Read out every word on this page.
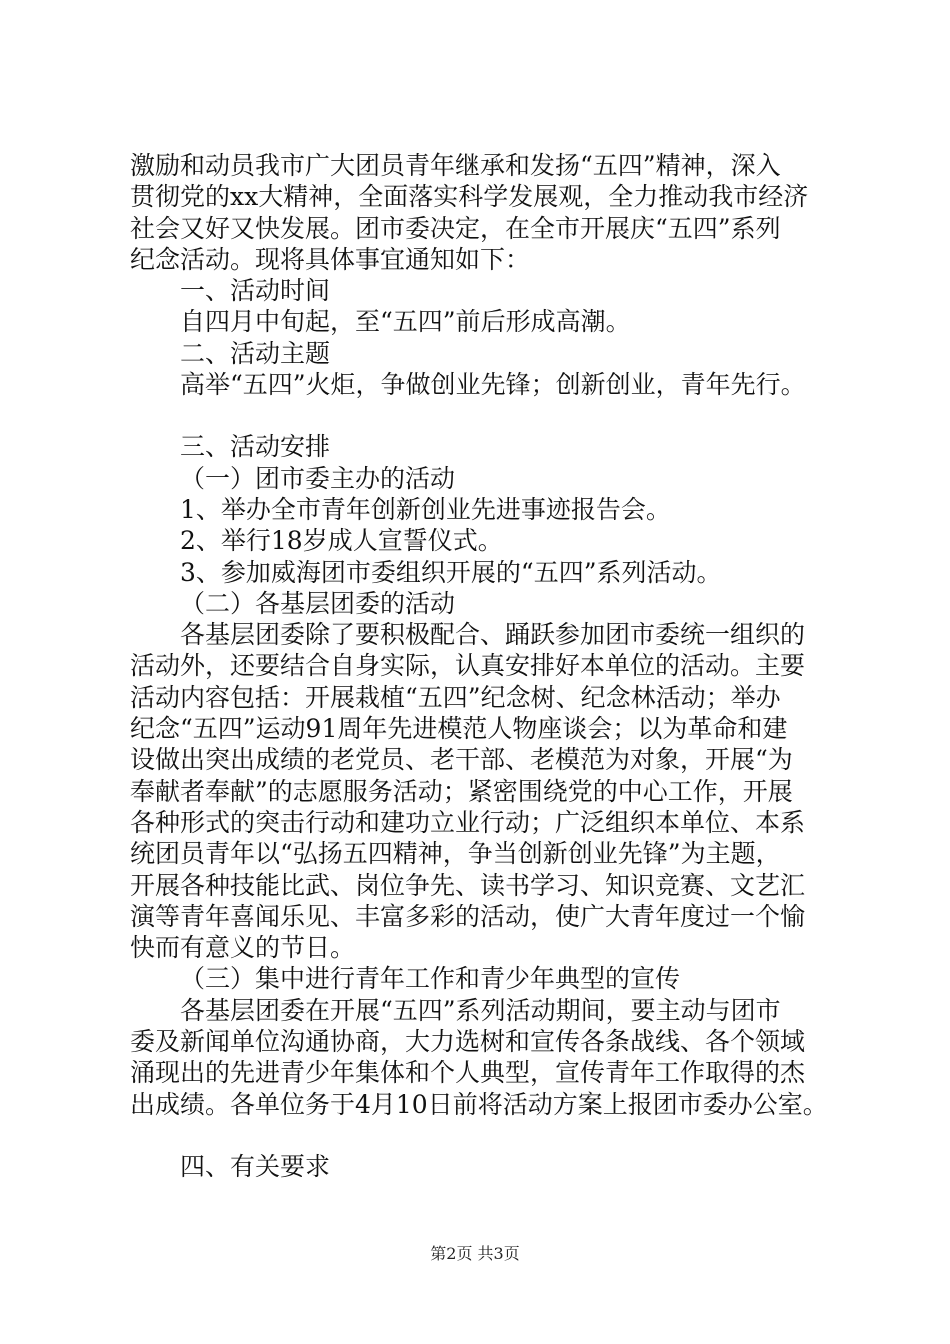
激励和动员我市广大团员青年继承和发扬“五四”精神，深入
贯彻党的xx大精神，全面落实科学发展观，全力推动我市经济
社会又好又快发展。团市委决定，在全市开展庆“五四”系列
纪念活动。现将具体事宜通知如下：
一、活动时间
自四月中旬起，至“五四”前后形成高潮。
二、活动主题
高举“五四”火炬，争做创业先锋；创新创业，青年先行。
三、活动安排
（一）团市委主办的活动
1、举办全市青年创新创业先进事迹报告会。
2、举行18岁成人宣誓仪式。
3、参加威海团市委组织开展的“五四”系列活动。
（二）各基层团委的活动
各基层团委除了要积极配合、踊跃参加团市委统一组织的
活动外，还要结合自身实际，认真安排好本单位的活动。主要
活动内容包括：开展栽植“五四”纪念树、纪念林活动；举办
纪念“五四”运动91周年先进模范人物座谈会；以为革命和建
设做出突出成绩的老党员、老干部、老模范为对象，开展“为
奉献者奉献”的志愿服务活动；紧密围绕党的中心工作，开展
各种形式的突击行动和建功立业行动；广泛组织本单位、本系
统团员青年以“弘扬五四精神，争当创新创业先锋”为主题，
开展各种技能比武、岗位争先、读书学习、知识竞赛、文艺汇
演等青年喜闻乐见、丰富多彩的活动，使广大青年度过一个愉
快而有意义的节日。
（三）集中进行青年工作和青少年典型的宣传
各基层团委在开展“五四”系列活动期间，要主动与团市
委及新闻单位沟通协商，大力选树和宣传各条战线、各个领域
涌现出的先进青少年集体和个人典型，宣传青年工作取得的杰
出成绩。各单位务于4月10日前将活动方案上报团市委办公室。
四、有关要求
第2页 共3页
